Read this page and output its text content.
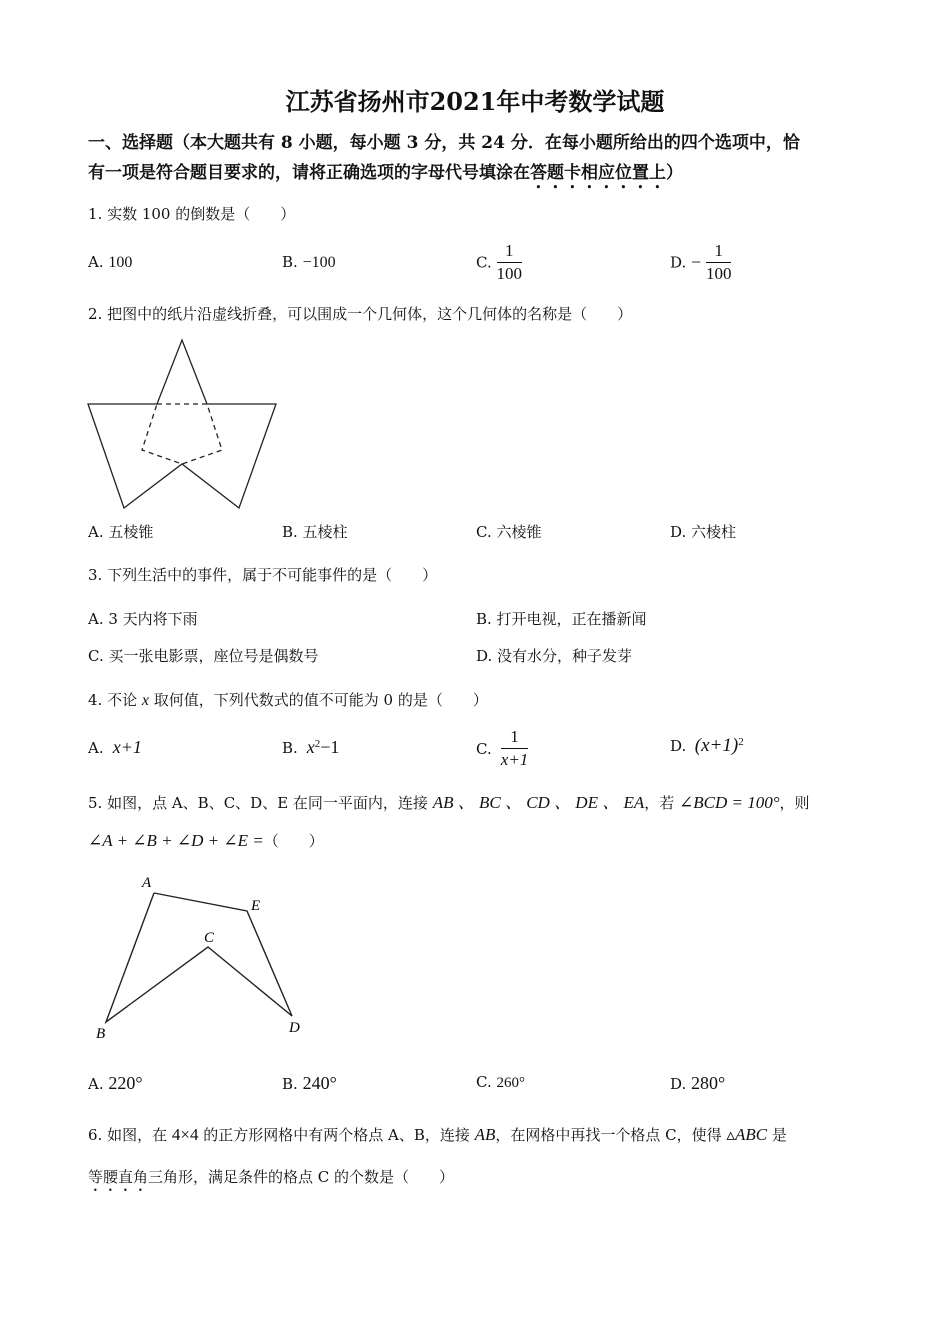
江苏省扬州市2021年中考数学试题
一、选择题（本大题共有 8 小题，每小题 3 分，共 24 分．在每小题所给出的四个选项中，恰
有一项是符合题目要求的，请将正确选项的字母代号填涂在答题卡相应位置上）
1. 实数 100 的倒数是（　　）
A. 100	B. −100	C. $\frac{1}{100}$	D. − $\frac{1}{100}$
2. 把图中的纸片沿虚线折叠，可以围成一个几何体，这个几何体的名称是（　　）
A. 五棱锥	B. 五棱柱	C. 六棱锥	D. 六棱柱
3. 下列生活中的事件，属于不可能事件的是（　　）
A. 3 天内将下雨	B. 打开电视，正在播新闻
C. 买一张电影票，座位号是偶数号	D. 没有水分，种子发芽
4. 不论 x 取何值，下列代数式的值不可能为 0 的是（　　）
A. x+1	B. $x^2-1$	C. $\frac{1}{x+1}$	D. $(x+1)^2$
5. 如图，点 A、B、C、D、E 在同一平面内，连接 AB 、 BC 、 CD 、 DE 、 EA，若 ∠BCD = 100°，则
∠A + ∠B + ∠D + ∠E =（　　）
A
E
C
B	D
A. 220°	B. 240°	C. 260°	D. 280°
6. 如图，在 4×4 的正方形网格中有两个格点 A、B，连接 AB，在网格中再找一个格点 C，使得 ▵ABC 是
等腰直角三角形，满足条件的格点 C 的个数是（　　）
